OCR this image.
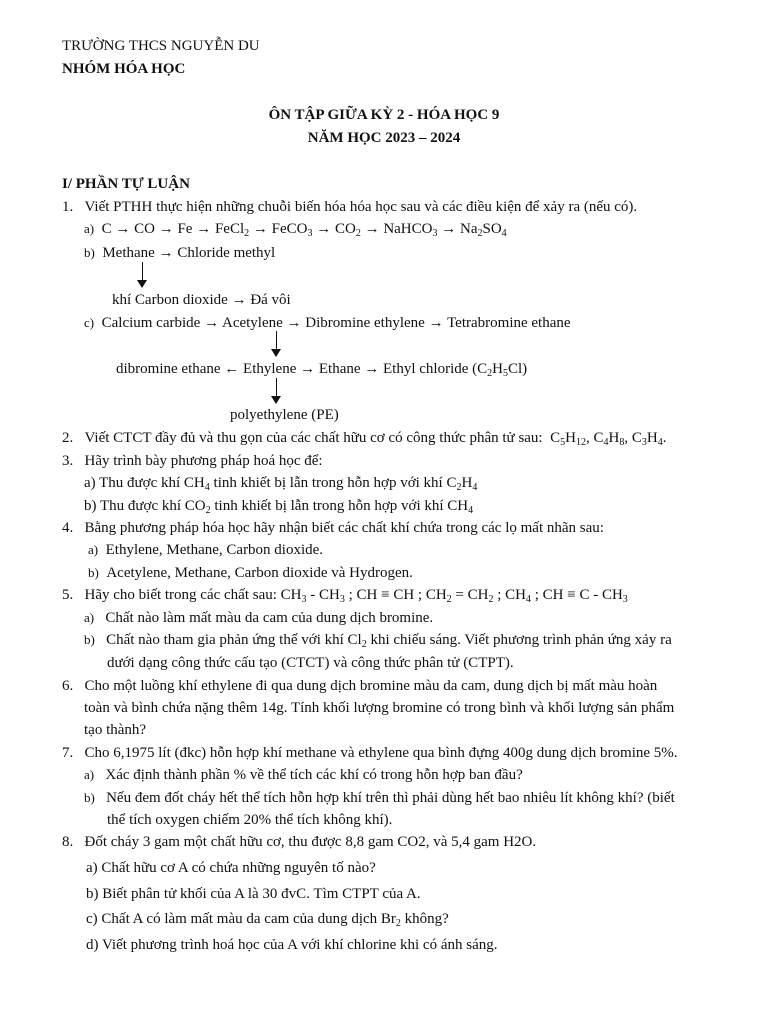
TRƯỜNG THCS NGUYỄN DU
NHÓM HÓA HỌC
ÔN TẬP GIỮA KỲ 2 - HÓA HỌC 9
NĂM HỌC 2023 – 2024
I/ PHẦN TỰ LUẬN
1. Viết PTHH thực hiện những chuỗi biến hóa hóa học sau và các điều kiện để xảy ra (nếu có).
a) C → CO → Fe → FeCl$_2$ → FeCO$_3$ → $CO_2$ → NaHCO$_3$ → $Na_2SO_4$
b) Methane → Chloride methyl
khí Carbon dioxide → Đá vôi
c) Calcium carbide → Acetylene → Dibromine ethylene → Tetrabromine ethane
dibromine ethane ← Ethylene → Ethane → Ethyl chloride $(C_2H_5Cl)$
polyethylene (PE)
2. Viết CTCT đầy đủ và thu gọn của các chất hữu cơ có công thức phân tử sau:  $C_5H_{12}$, $C_4H_8$, $C_3H_4$.
3. Hãy trình bày phương pháp hoá học để:
a) Thu được khí $CH_4$ tinh khiết bị lẫn trong hỗn hợp với khí $C_2H_4$
b) Thu được khí $CO_2$ tinh khiết bị lẫn trong hỗn hợp với khí $CH_4$
4. Bằng phương pháp hóa học hãy nhận biết các chất khí chứa trong các lọ mất nhãn sau:
a) Ethylene, Methane, Carbon dioxide.
b) Acetylene, Methane, Carbon dioxide và Hydrogen.
5. Hãy cho biết trong các chất sau: $CH_3 - CH_3$ ; CH ≡ CH ; $CH_2 = CH_2$ ; $CH_4$ ; CH ≡ C - $CH_3$
a) Chất nào làm mất màu da cam của dung dịch bromine.
b) Chất nào tham gia phản ứng thế với khí $Cl_2$ khi chiếu sáng. Viết phương trình phản ứng xảy ra
dưới dạng công thức cấu tạo (CTCT) và công thức phân tử (CTPT).
6. Cho một luồng khí ethylene đi qua dung dịch bromine màu da cam, dung dịch bị mất màu hoàn
toàn và bình chứa nặng thêm 14g. Tính khối lượng bromine có trong bình và khối lượng sản phẩm
tạo thành?
7. Cho 6,1975 lít (đkc) hỗn hợp khí methane và ethylene qua bình đựng 400g dung dịch bromine 5%.
a) Xác định thành phần % về thể tích các khí có trong hỗn hợp ban đầu?
b) Nếu đem đốt cháy hết thể tích hỗn hợp khí trên thì phải dùng hết bao nhiêu lít không khí? (biết
thể tích oxygen chiếm 20% thể tích không khí).
8. Đốt cháy 3 gam một chất hữu cơ, thu được 8,8 gam CO2, và 5,4 gam H2O.
a) Chất hữu cơ A có chứa những nguyên tố nào?
b) Biết phân tử khối của A là 30 đvC. Tìm CTPT của A.
c) Chất A có làm mất màu da cam của dung dịch $Br_2$ không?
d) Viết phương trình hoá học của A với khí chlorine khi có ánh sáng.
